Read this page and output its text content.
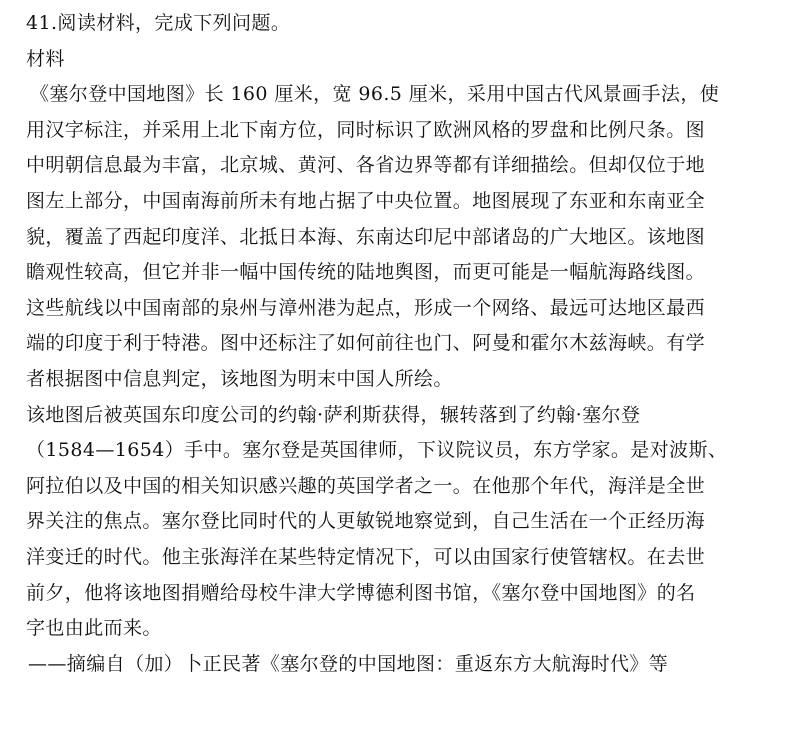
41.阅读材料，完成下列问题。
材料
《塞尔登中国地图》长 160 厘米，宽 96.5 厘米，采用中国古代风景画手法，使
用汉字标注，并采用上北下南方位，同时标识了欧洲风格的罗盘和比例尺条。图
中明朝信息最为丰富，北京城、黄河、各省边界等都有详细描绘。但却仅位于地
图左上部分，中国南海前所未有地占据了中央位置。地图展现了东亚和东南亚全
貌，覆盖了西起印度洋、北抵日本海、东南达印尼中部诸岛的广大地区。该地图
瞻观性较高，但它并非一幅中国传统的陆地舆图，而更可能是一幅航海路线图。
这些航线以中国南部的泉州与漳州港为起点，形成一个网络、最远可达地区最西
端的印度于利于特港。图中还标注了如何前往也门、阿曼和霍尔木兹海峡。有学
者根据图中信息判定，该地图为明末中国人所绘。
该地图后被英国东印度公司的约翰·萨利斯获得，辗转落到了约翰·塞尔登
（1584—1654）手中。塞尔登是英国律师，下议院议员，东方学家。是对波斯、
阿拉伯以及中国的相关知识感兴趣的英国学者之一。在他那个年代，海洋是全世
界关注的焦点。塞尔登比同时代的人更敏锐地察觉到，自己生活在一个正经历海
洋变迁的时代。他主张海洋在某些特定情况下，可以由国家行使管辖权。在去世
前夕，他将该地图捐赠给母校牛津大学博德利图书馆，《塞尔登中国地图》的名
字也由此而来。
——摘编自（加）卜正民著《塞尔登的中国地图：重返东方大航海时代》等
